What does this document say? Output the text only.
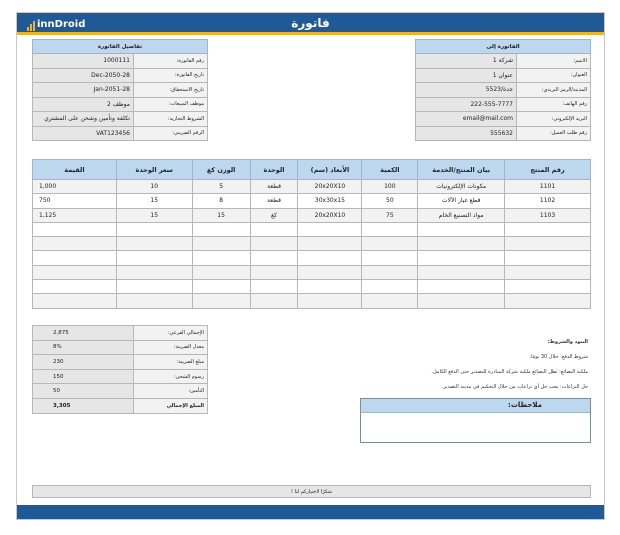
innDroid	فاتورة
تفاصيل الفاتورة	
1000111	رقم الفاتورة:
28-Dec-2050	تاريخ الفاتورة:
28-Jan-2051	تاريخ الاستحقاق:
موظف 2	موظف المبيعات:
تكلفة وتأمين وشحن على المشتري	الشروط التجارية:
VAT123456	الرقم الضريبي:
الفاتورة إلى	
شركة 1	الاسم:
عنوان 1	العنوان:
جدة/5523	المدينة/الرمز البريدي:
222-555-7777	رقم الهاتف:
email@mail.com	البريد الإلكتروني:
555632	رقم طلب العميل:
القيمة	سعر الوحدة	الوزن كغ	الوحدة	الأبعاد (سم)	الكمية	بيان المنتج/الخدمة	رقم المنتج
1,000	10	5	قطعة	20x20X10	100	مكونات الإلكترونيات	1101
750	15	8	قطعة	30x30x15	50	قطع غيار الآلات	1102
1,125	15	15	كغ	20x20X10	75	مواد التصنيع الخام	1103

2,875	الإجمالي الفرعي:
8%	معدل الضريبة:
230	مبلغ الضريبة:
150	رسوم الشحن:
50	التأمين:
3,305	المبلغ الإجمالي
البنود والشروط:
شروط الدفع: خلال 30 يومًا.
ملكية البضائع: تظل البضائع ملكية شركة المبادرة للتصدير حتى الدفع الكامل.
حل النزاعات: يجب حل أي نزاعات من خلال التحكيم في مدينة التصدير.
ملاحظات:
شكرًا لاختياركم لنا !
